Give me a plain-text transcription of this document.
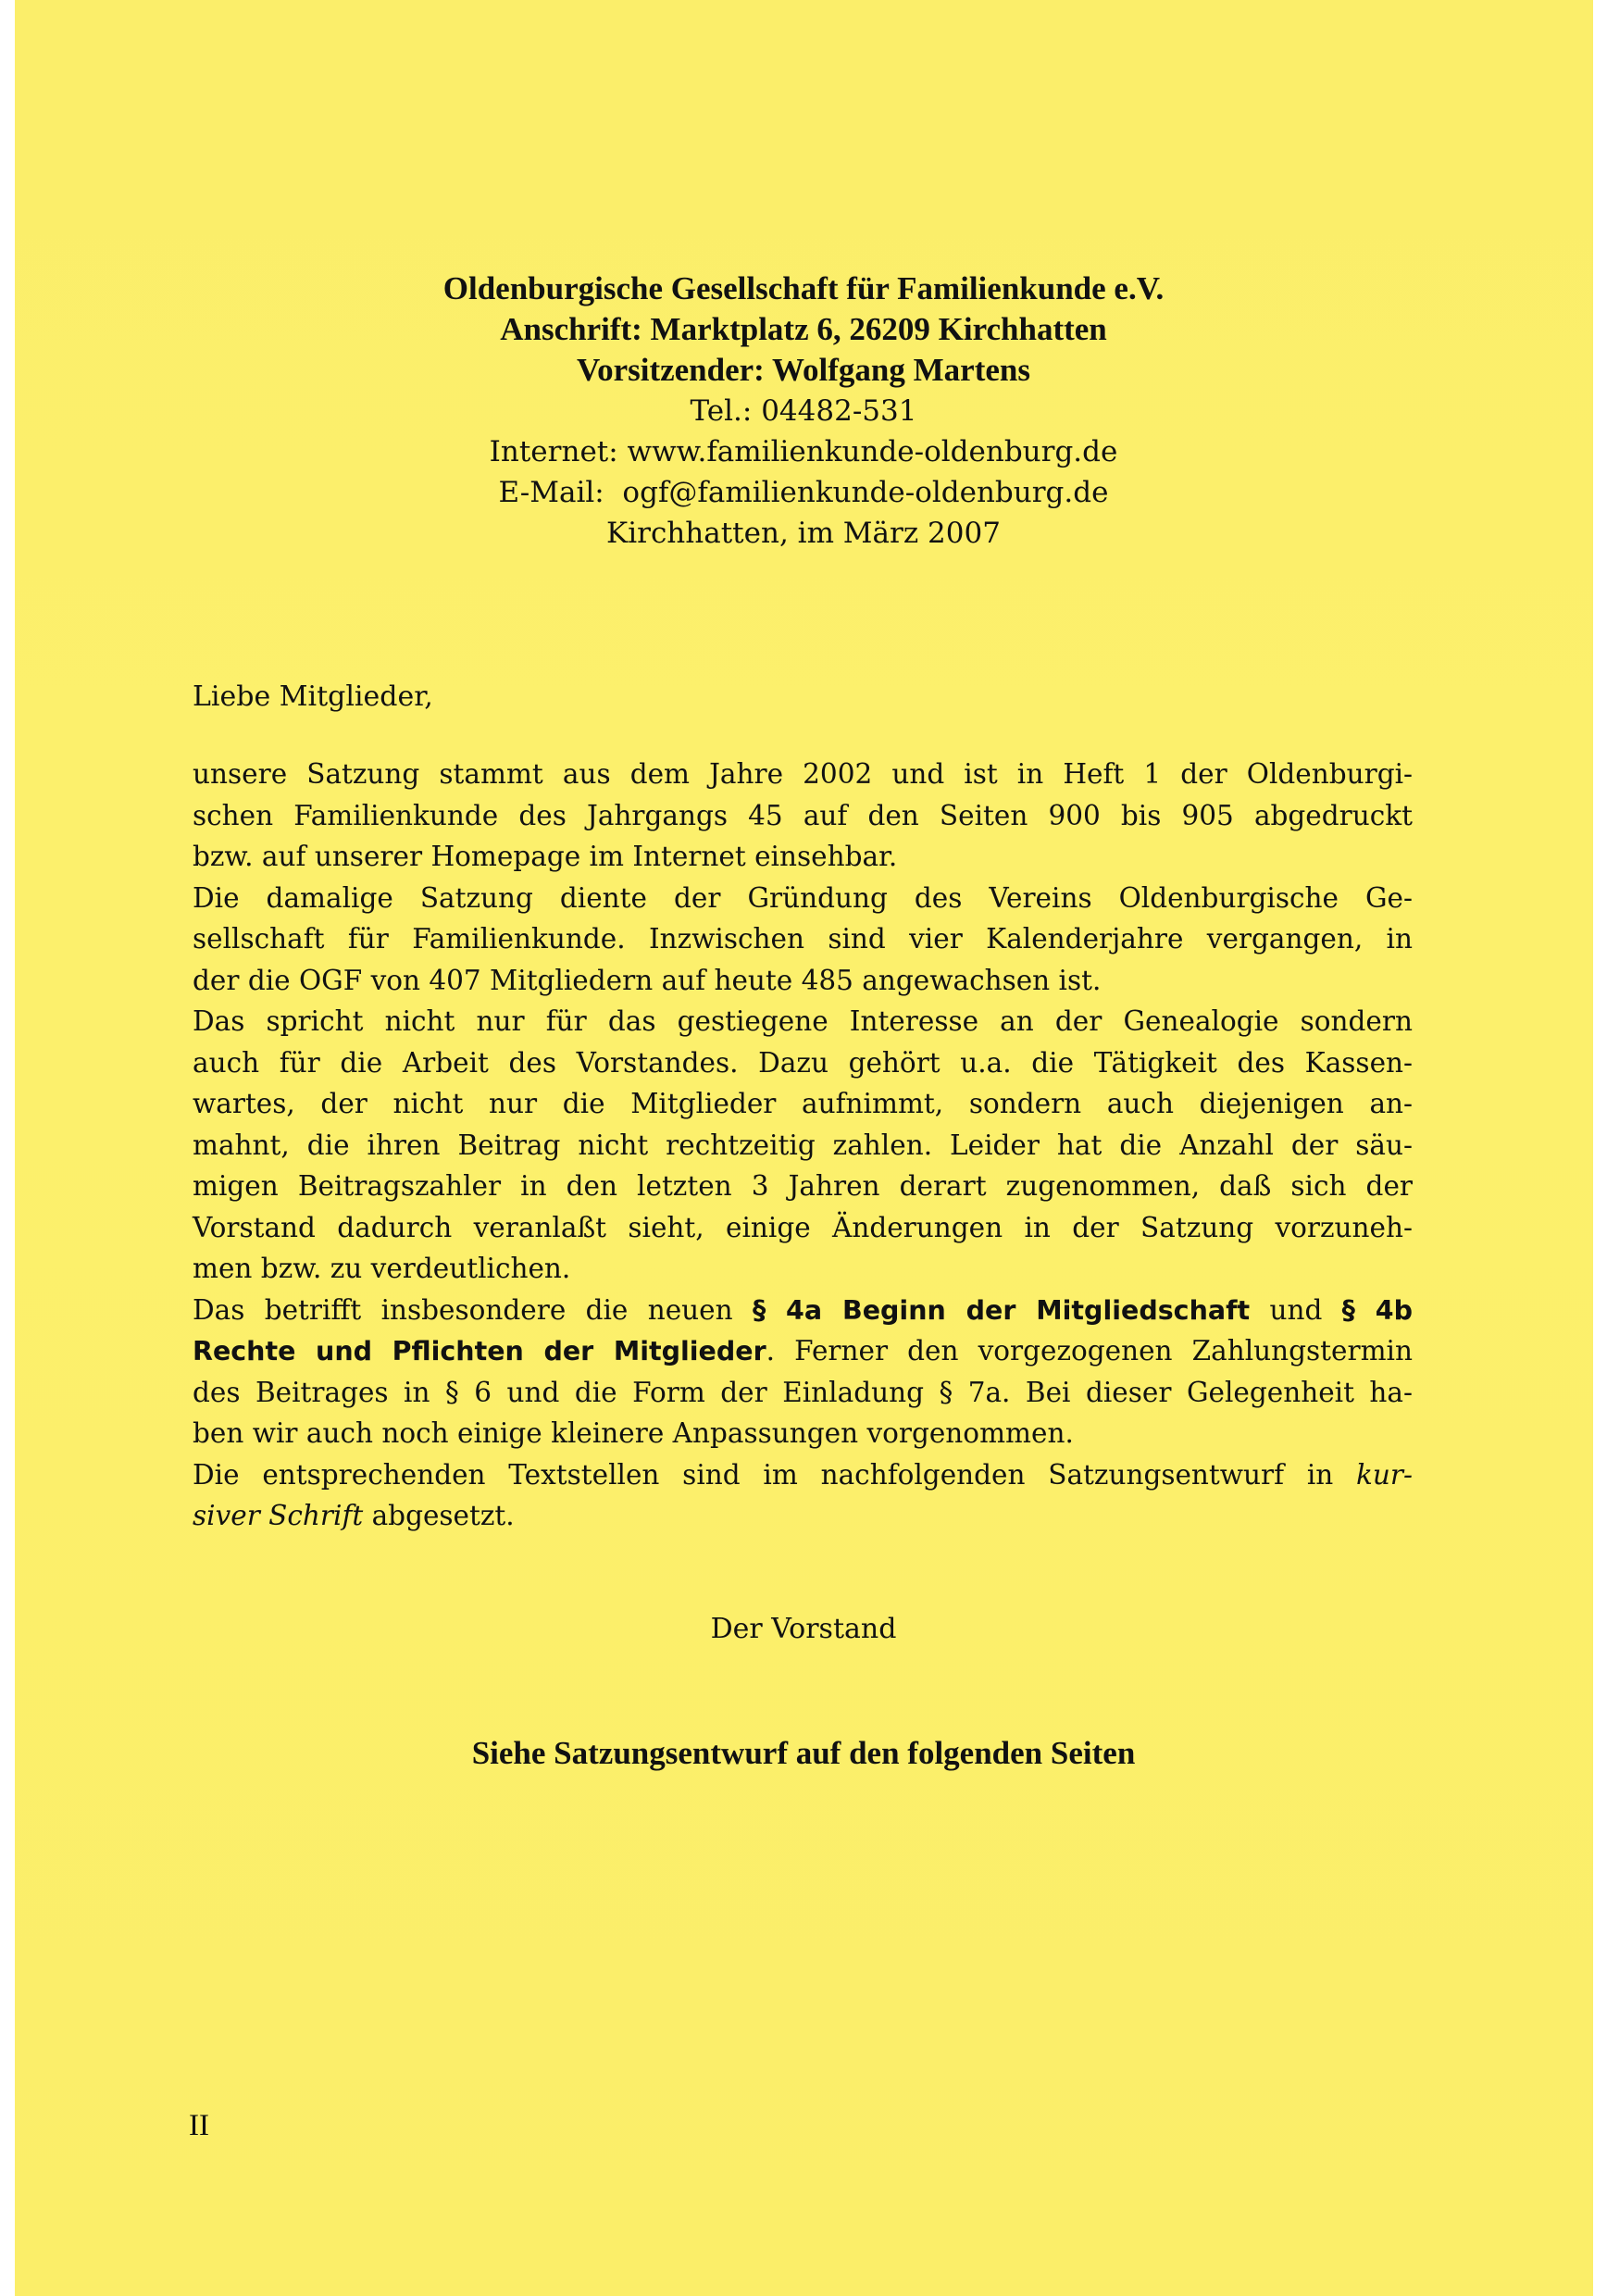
Oldenburgische Gesellschaft für Familienkunde e.V.
Anschrift: Marktplatz 6, 26209 Kirchhatten
Vorsitzender: Wolfgang Martens
Tel.: 04482-531
Internet: www.familienkunde-oldenburg.de
E-Mail:  ogf@familienkunde-oldenburg.de
Kirchhatten, im März 2007
Liebe Mitglieder,
unsere Satzung stammt aus dem Jahre 2002 und ist in Heft 1 der Oldenburgi-
schen Familienkunde des Jahrgangs 45 auf den Seiten 900 bis 905 abgedruckt
bzw. auf unserer Homepage im Internet einsehbar.
Die damalige Satzung diente der Gründung des Vereins Oldenburgische Ge-
sellschaft für Familienkunde. Inzwischen sind vier Kalenderjahre vergangen, in
der die OGF von 407 Mitgliedern auf heute 485 angewachsen ist.
Das spricht nicht nur für das gestiegene Interesse an der Genealogie sondern
auch für die Arbeit des Vorstandes. Dazu gehört u.a. die Tätigkeit des Kassen-
wartes, der nicht nur die Mitglieder aufnimmt, sondern auch diejenigen an-
mahnt, die ihren Beitrag nicht rechtzeitig zahlen. Leider hat die Anzahl der säu-
migen Beitragszahler in den letzten 3 Jahren derart zugenommen, daß sich der
Vorstand dadurch veranlaßt sieht, einige Änderungen in der Satzung vorzuneh-
men bzw. zu verdeutlichen.
Das betrifft insbesondere die neuen § 4a Beginn der Mitgliedschaft und § 4b
Rechte und Pflichten der Mitglieder. Ferner den vorgezogenen Zahlungstermin
des Beitrages in § 6 und die Form der Einladung § 7a. Bei dieser Gelegenheit ha-
ben wir auch noch einige kleinere Anpassungen vorgenommen.
Die entsprechenden Textstellen sind im nachfolgenden Satzungsentwurf in kur-
siver Schrift abgesetzt.
Der Vorstand
Siehe Satzungsentwurf auf den folgenden Seiten
II
